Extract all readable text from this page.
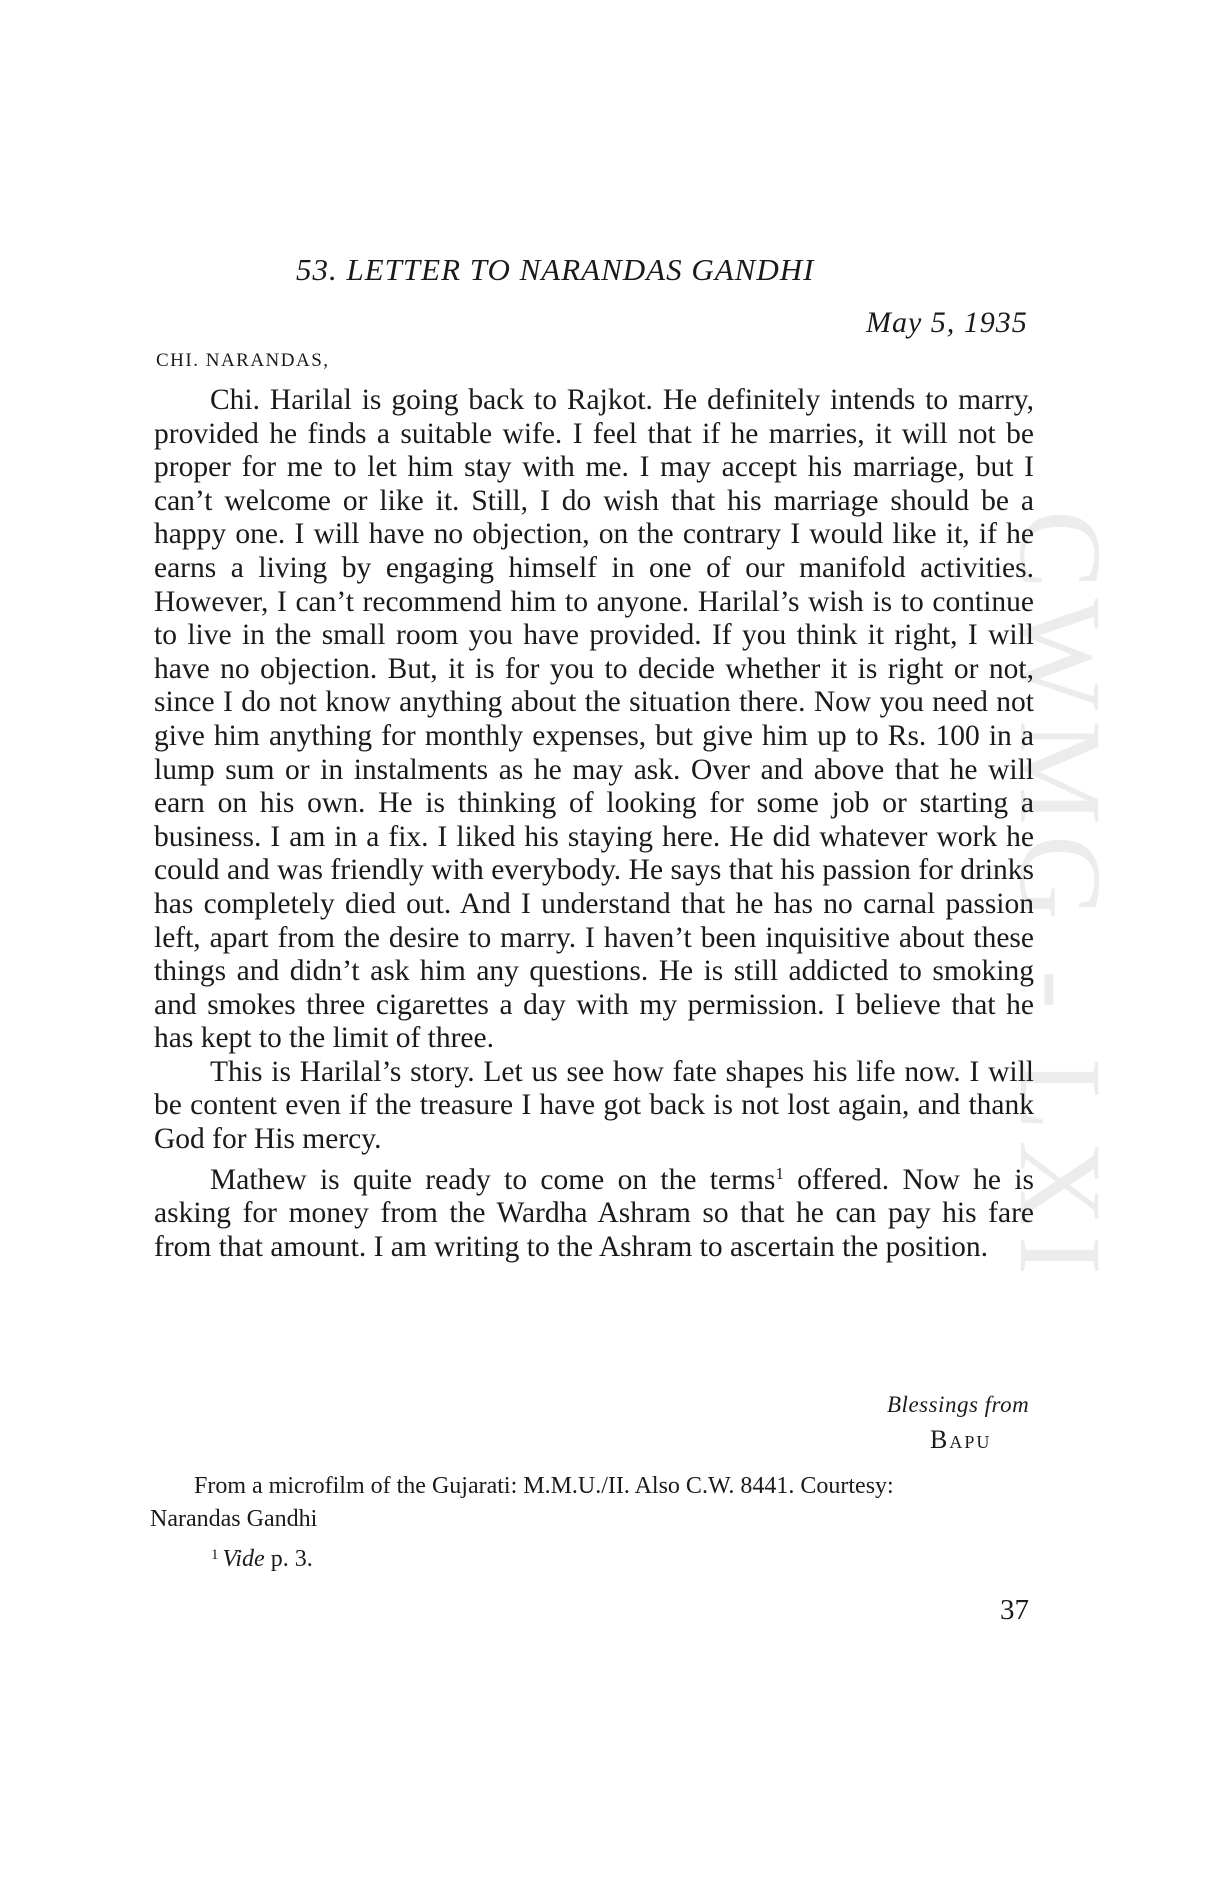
CWMG - LXI
53. LETTER TO NARANDAS GANDHI
May 5, 1935
CHI. NARANDAS,

Chi. Harilal is going back to Rajkot. He definitely intends to marry, provided he finds a suitable wife. I feel that if he marries, it will not be proper for me to let him stay with me. I may accept his marriage, but I can’t welcome or like it. Still, I do wish that his marriage should be a happy one. I will have no objection, on the contrary I would like it, if he earns a living by engaging himself in one of our manifold activities. However, I can’t recommend him to anyone. Harilal’s wish is to continue to live in the small room you have provided. If you think it right, I will have no objection. But, it is for you to decide whether it is right or not, since I do not know anything about the situation there. Now you need not give him anything for monthly expenses, but give him up to Rs. 100 in a lump sum or in instalments as he may ask. Over and above that he will earn on his own. He is thinking of looking for some job or starting a business. I am in a fix. I liked his staying here. He did whatever work he could and was friendly with everybody. He says that his passion for drinks has completely died out. And I understand that he has no carnal passion left, apart from the desire to marry. I haven’t been inquisitive about these things and didn’t ask him any questions. He is still addicted to smoking and smokes three cigarettes a day with my permission. I believe that he has kept to the limit of three.

This is Harilal’s story. Let us see how fate shapes his life now. I will be content even if the treasure I have got back is not lost again, and thank God for His mercy.

Mathew is quite ready to come on the terms$^1$ offered. Now he is asking for money from the Wardha Ashram so that he can pay his fare from that amount. I am writing to the Ashram to ascertain the position.

Blessings from
Bapu
From a microfilm of the Gujarati: M.M.U./II. Also C.W. 8441. Courtesy:
Narandas Gandhi
$^1$ Vide p. 3.
37
